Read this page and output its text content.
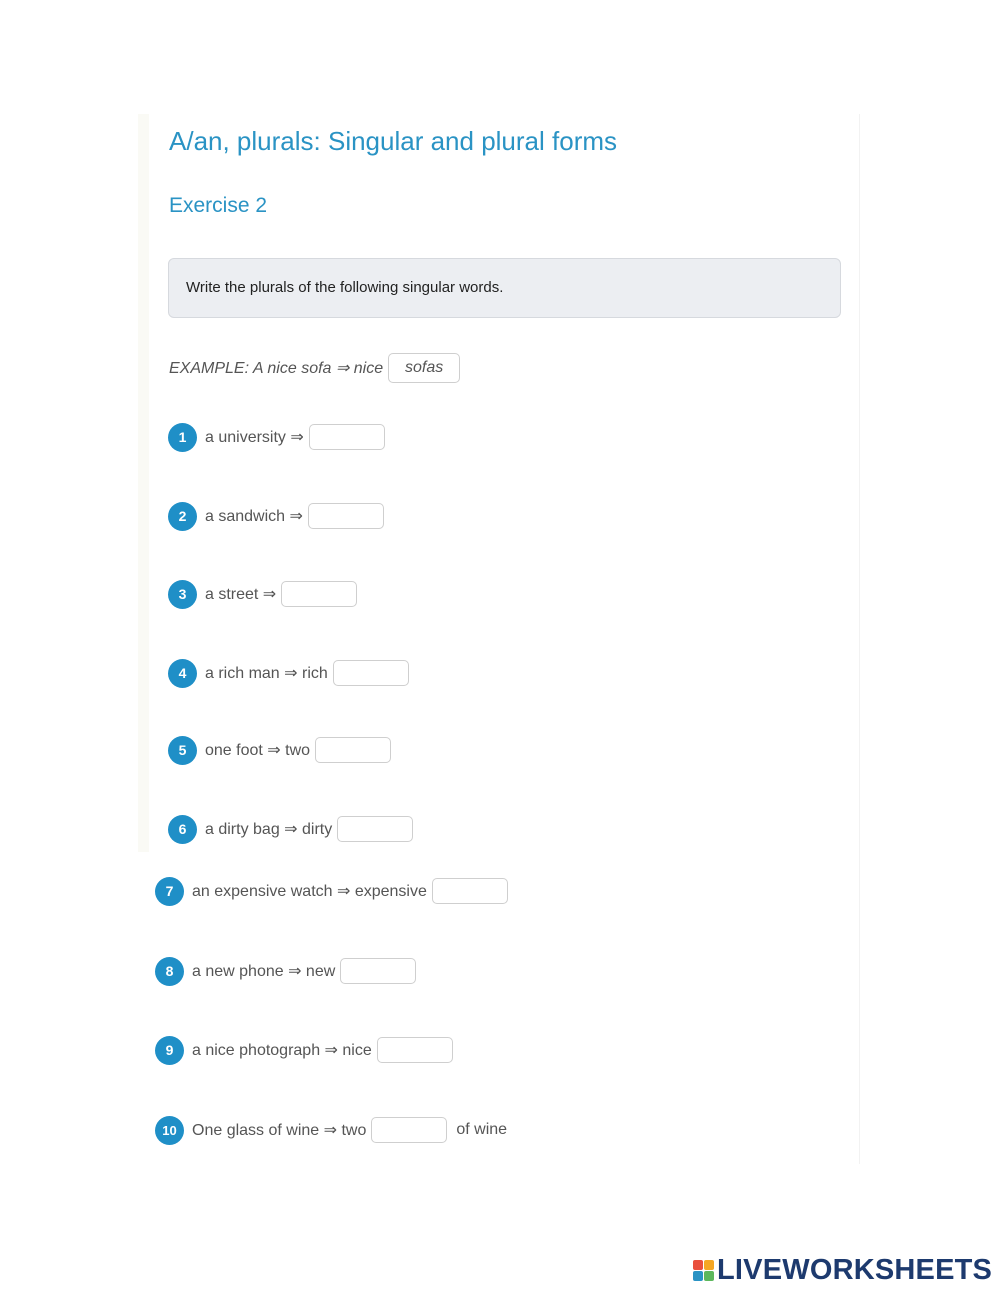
A/an, plurals: Singular and plural forms
Exercise 2
Write the plurals of the following singular words.
EXAMPLE: A nice sofa ⇒ nice	sofas
1	a university ⇒
2	a sandwich ⇒
3	a street ⇒
4	a rich man ⇒ rich
5	one foot ⇒ two
6	a dirty bag ⇒ dirty
7	an expensive watch ⇒ expensive
8	a new phone ⇒ new
9	a nice photograph ⇒ nice
10 One glass of wine ⇒ two	of wine
LIVEWORKSHEETS
